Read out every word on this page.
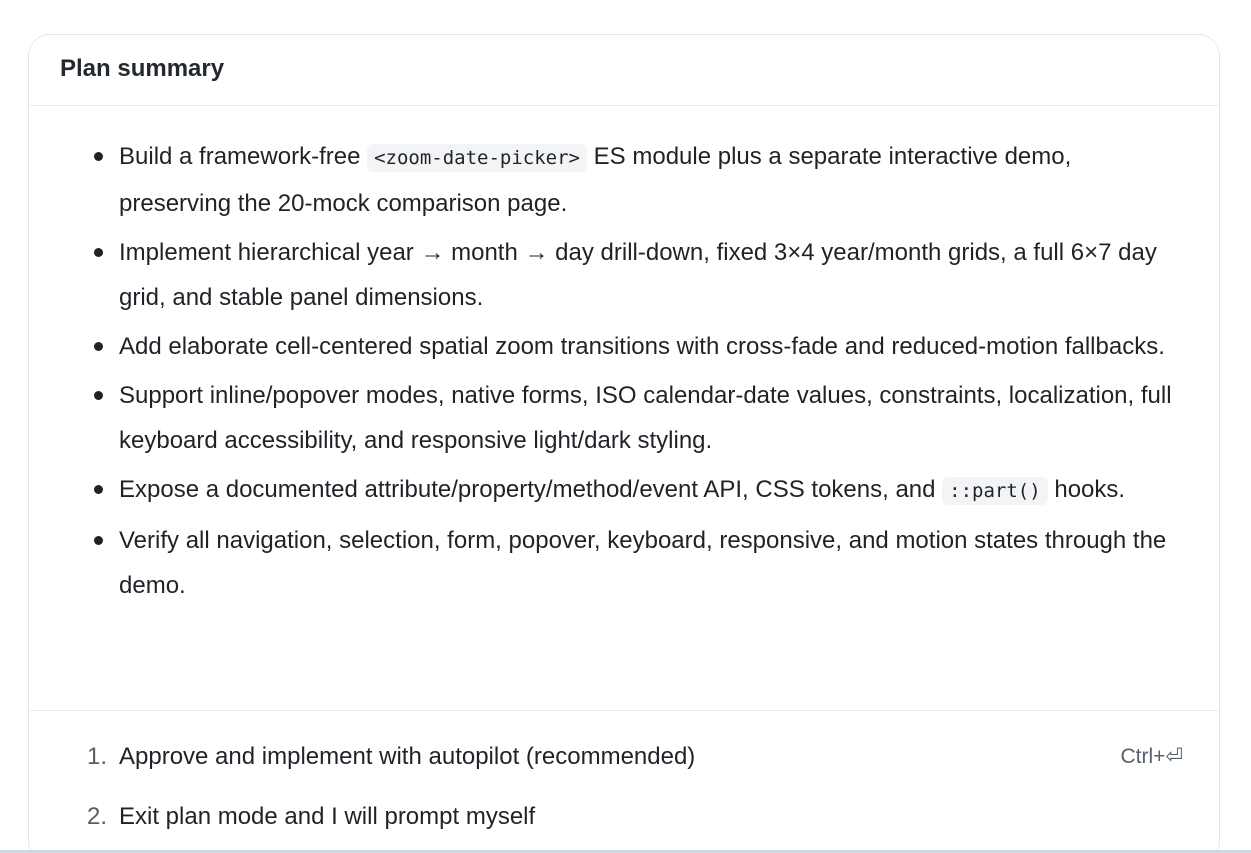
Plan summary
Build a framework-free <zoom-date-picker> ES module plus a separate interactive demo, preserving the 20-mock comparison page.
Implement hierarchical year → month → day drill-down, fixed 3×4 year/month grids, a full 6×7 day grid, and stable panel dimensions.
Add elaborate cell-centered spatial zoom transitions with cross-fade and reduced-motion fallbacks.
Support inline/popover modes, native forms, ISO calendar-date values, constraints, localization, full keyboard accessibility, and responsive light/dark styling.
Expose a documented attribute/property/method/event API, CSS tokens, and ::part() hooks.
Verify all navigation, selection, form, popover, keyboard, responsive, and motion states through the demo.
1. Approve and implement with autopilot (recommended)	Ctrl+⏎
2. Exit plan mode and I will prompt myself
